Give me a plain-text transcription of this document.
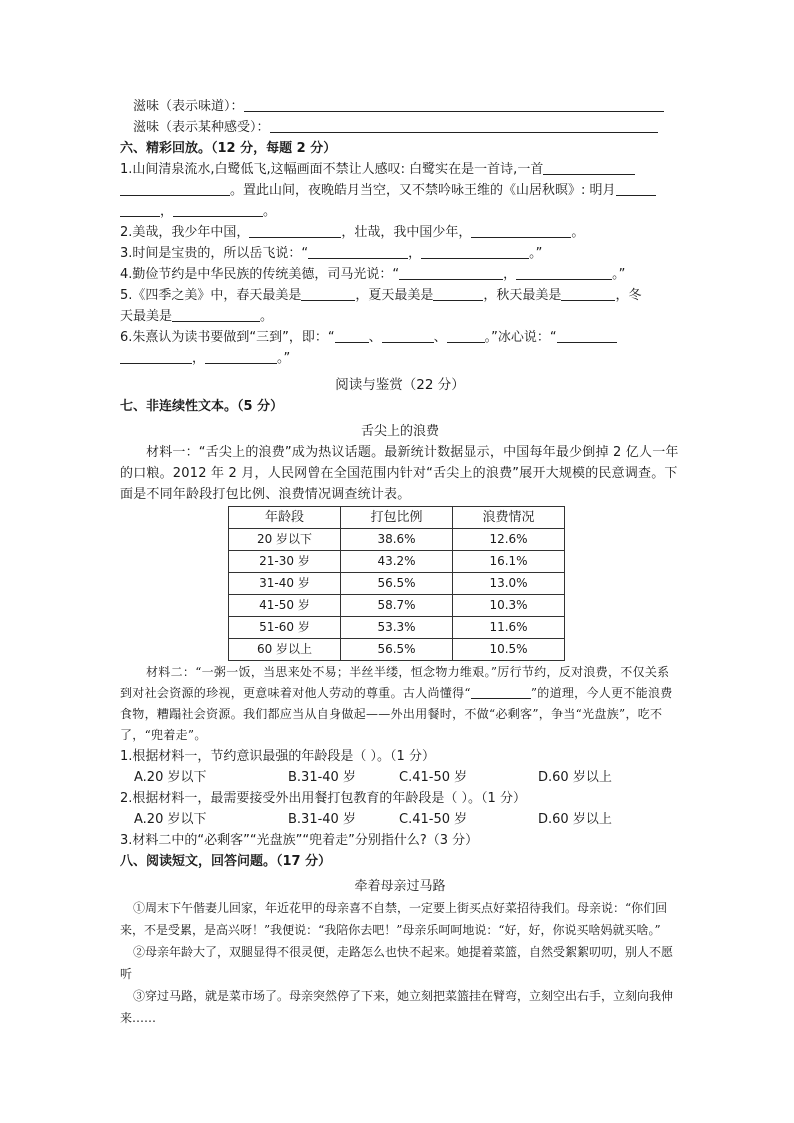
滋味（表示味道）：
滋味（表示某种感受）：
六、精彩回放。（12 分，每题 2 分）
1.山间清泉流水,白鹭低飞,这幅画面不禁让人感叹: 白鹭实在是一首诗,一首
。置此山间，夜晚皓月当空，又不禁吟咏王维的《山居秋暝》: 明月
，	。
2.美哉，我少年中国，	，壮哉，我中国少年，	。
3.时间是宝贵的，所以岳飞说：“	，	。”
4.勤俭节约是中华民族的传统美德，司马光说：“	，	。”
5.《四季之美》中，春天最美是	，夏天最美是	，秋天最美是	，冬
天最美是	。
6.朱熹认为读书要做到“三到”，即：“	、	、	。”冰心说：“
，	。”
阅读与鉴赏（22 分）
七、非连续性文本。（5 分）
舌尖上的浪费
材料一：“舌尖上的浪费”成为热议话题。最新统计数据显示，中国每年最少倒掉 2 亿人一年的口粮。2012 年 2 月，人民网曾在全国范围内针对“舌尖上的浪费”展开大规模的民意调查。下面是不同年龄段打包比例、浪费情况调查统计表。
年龄段	打包比例	浪费情况
20 岁以下	38.6%	12.6%
21-30 岁	43.2%	16.1%
31-40 岁	56.5%	13.0%
41-50 岁	58.7%	10.3%
51-60 岁	53.3%	11.6%
60 岁以上	56.5%	10.5%
材料二：“一粥一饭，当思来处不易；半丝半缕，恒念物力维艰。”厉行节约，反对浪费，不仅关系到对社会资源的珍视，更意味着对他人劳动的尊重。古人尚懂得“	”的道理，今人更不能浪费食物，糟蹋社会资源。我们都应当从自身做起——外出用餐时，不做“必剩客”，争当“光盘族”，吃不了，“兜着走”。
1.根据材料一，节约意识最强的年龄段是（ ）。（1 分）
A.20 岁以下	B.31-40 岁	C.41-50 岁	D.60 岁以上
2.根据材料一，最需要接受外出用餐打包教育的年龄段是（ ）。（1 分）
A.20 岁以下	B.31-40 岁	C.41-50 岁	D.60 岁以上
3.材料二中的“必剩客”“光盘族”“兜着走”分别指什么?（3 分）
八、阅读短文，回答问题。（17 分）
牵着母亲过马路
①周末下午偕妻儿回家，年近花甲的母亲喜不自禁，一定要上街买点好菜招待我们。母亲说：“你们回来，不是受累，是高兴呀！”我便说：“我陪你去吧！”母亲乐呵呵地说：“好，好，你说买啥妈就买啥。”
②母亲年龄大了，双腿显得不很灵便，走路怎么也快不起来。她提着菜篮，自然受絮絮叨叨，别人不愿听
③穿过马路，就是菜市场了。母亲突然停了下来，她立刻把菜篮挂在臂弯，立刻空出右手，立刻向我伸来……
